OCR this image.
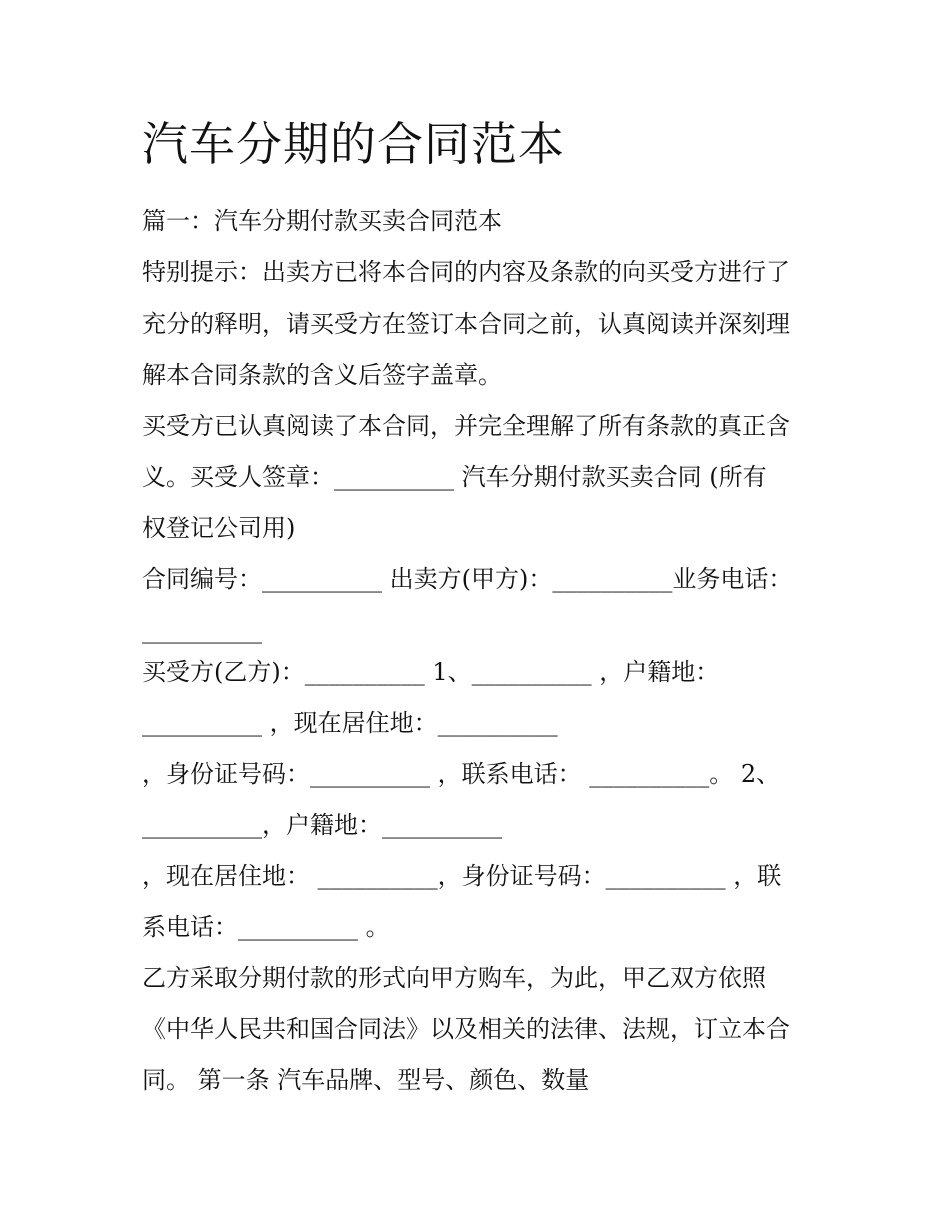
汽车分期的合同范本
篇一：汽车分期付款买卖合同范本
特别提示：出卖方已将本合同的内容及条款的向买受方进行了
充分的释明，请买受方在签订本合同之前，认真阅读并深刻理
解本合同条款的含义后签字盖章。
买受方已认真阅读了本合同，并完全理解了所有条款的真正含
义。买受人签章：__________ 汽车分期付款买卖合同 (所有
权登记公司用)
合同编号：__________ 出卖方(甲方)：__________业务电话：
__________
买受方(乙方)：__________ 1、__________ ，户籍地：
__________ ，现在居住地：__________
，身份证号码：__________ ，联系电话： __________。 2、
__________，户籍地：__________
，现在居住地： __________，身份证号码：__________ ，联
系电话：__________ 。
乙方采取分期付款的形式向甲方购车，为此，甲乙双方依照
《中华人民共和国合同法》以及相关的法律、法规，订立本合
同。 第一条 汽车品牌、型号、颜色、数量
